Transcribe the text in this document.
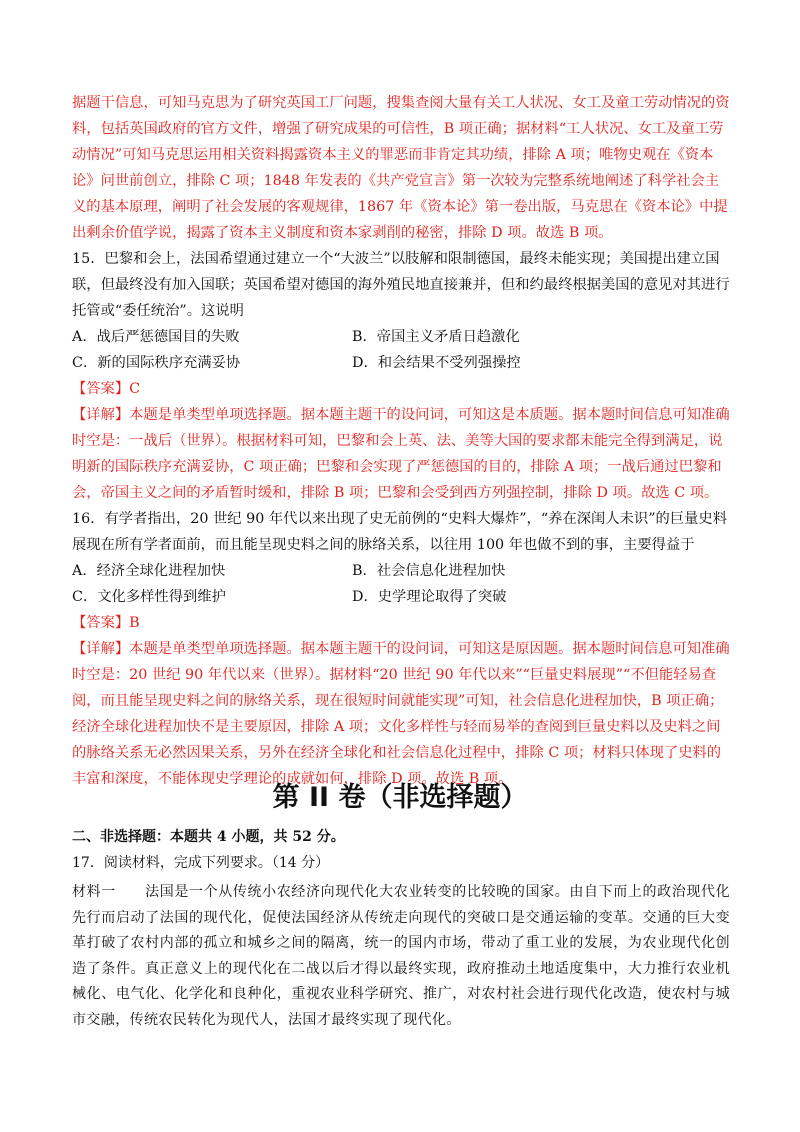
据题干信息，可知马克思为了研究英国工厂问题，搜集查阅大量有关工人状况、女工及童工劳动情况的资料，包括英国政府的官方文件，增强了研究成果的可信性，B 项正确；据材料“工人状况、女工及童工劳动情况”可知马克思运用相关资料揭露资本主义的罪恶而非肯定其功绩，排除 A 项；唯物史观在《资本论》问世前创立，排除 C 项；1848 年发表的《共产党宣言》第一次较为完整系统地阐述了科学社会主义的基本原理，阐明了社会发展的客观规律，1867 年《资本论》第一卷出版，马克思在《资本论》中提出剩余价值学说，揭露了资本主义制度和资本家剥削的秘密，排除 D 项。故选 B 项。
15．巴黎和会上，法国希望通过建立一个“大波兰”以肢解和限制德国，最终未能实现；美国提出建立国联，但最终没有加入国联；英国希望对德国的海外殖民地直接兼并，但和约最终根据美国的意见对其进行托管或“委任统治”。这说明
A．战后严惩德国目的失败	B．帝国主义矛盾日趋激化
C．新的国际秩序充满妥协	D．和会结果不受列强操控
【答案】C
【详解】本题是单类型单项选择题。据本题主题干的设问词，可知这是本质题。据本题时间信息可知准确时空是：一战后（世界）。根据材料可知，巴黎和会上英、法、美等大国的要求都未能完全得到满足，说明新的国际秩序充满妥协，C 项正确；巴黎和会实现了严惩德国的目的，排除 A 项；一战后通过巴黎和会，帝国主义之间的矛盾暂时缓和，排除 B 项；巴黎和会受到西方列强控制，排除 D 项。故选 C 项。
16．有学者指出，20 世纪 90 年代以来出现了史无前例的“史料大爆炸”，“养在深闺人未识”的巨量史料展现在所有学者面前，而且能呈现史料之间的脉络关系，以往用 100 年也做不到的事，主要得益于
A．经济全球化进程加快	B．社会信息化进程加快
C．文化多样性得到维护	D．史学理论取得了突破
【答案】B
【详解】本题是单类型单项选择题。据本题主题干的设问词，可知这是原因题。据本题时间信息可知准确时空是：20 世纪 90 年代以来（世界）。据材料“20 世纪 90 年代以来”“巨量史料展现”“不但能轻易查阅，而且能呈现史料之间的脉络关系，现在很短时间就能实现”可知，社会信息化进程加快，B 项正确；经济全球化进程加快不是主要原因，排除 A 项；文化多样性与轻而易举的查阅到巨量史料以及史料之间的脉络关系无必然因果关系，另外在经济全球化和社会信息化过程中，排除 C 项；材料只体现了史料的丰富和深度，不能体现史学理论的成就如何，排除 D 项。故选 B 项。
第 II 卷（非选择题）
二、非选择题：本题共 4 小题，共 52 分。
17．阅读材料，完成下列要求。（14 分）
材料一　　法国是一个从传统小农经济向现代化大农业转变的比较晚的国家。由自下而上的政治现代化先行而启动了法国的现代化，促使法国经济从传统走向现代的突破口是交通运输的变革。交通的巨大变革打破了农村内部的孤立和城乡之间的隔离，统一的国内市场，带动了重工业的发展，为农业现代化创造了条件。真正意义上的现代化在二战以后才得以最终实现，政府推动土地适度集中，大力推行农业机械化、电气化、化学化和良种化，重视农业科学研究、推广，对农村社会进行现代化改造，使农村与城市交融，传统农民转化为现代人，法国才最终实现了现代化。
